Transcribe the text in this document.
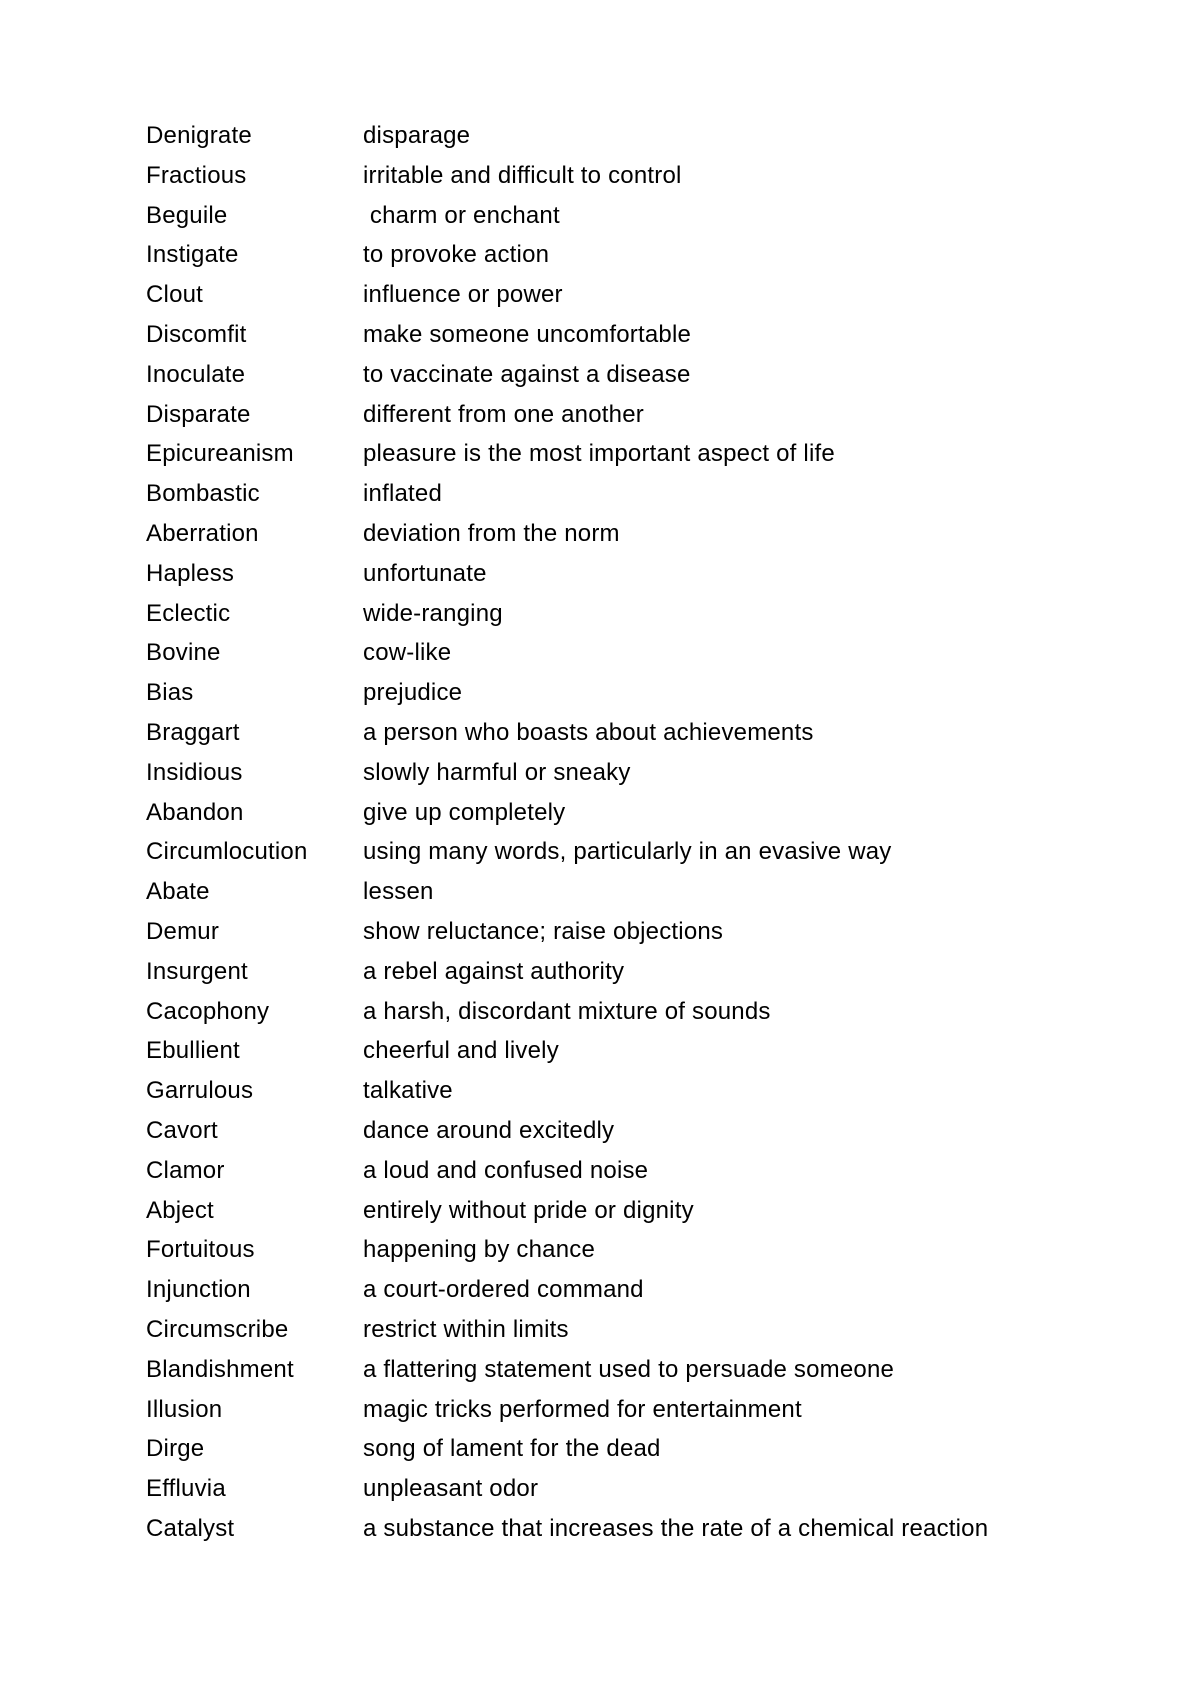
Denigrate	disparage
Fractious	irritable and difficult to control
Beguile	charm or enchant
Instigate	to provoke action
Clout	influence or power
Discomfit	make someone uncomfortable
Inoculate	to vaccinate against a disease
Disparate	different from one another
Epicureanism	pleasure is the most important aspect of life
Bombastic	inflated
Aberration	deviation from the norm
Hapless	unfortunate
Eclectic	wide-ranging
Bovine	cow-like
Bias	prejudice
Braggart	a person who boasts about achievements
Insidious	slowly harmful or sneaky
Abandon	give up completely
Circumlocution	using many words, particularly in an evasive way
Abate	lessen
Demur	show reluctance; raise objections
Insurgent	a rebel against authority
Cacophony	a harsh, discordant mixture of sounds
Ebullient	cheerful and lively
Garrulous	talkative
Cavort	dance around excitedly
Clamor	a loud and confused noise
Abject	entirely without pride or dignity
Fortuitous	happening by chance
Injunction	a court-ordered command
Circumscribe	restrict within limits
Blandishment	a flattering statement used to persuade someone
Illusion	magic tricks performed for entertainment
Dirge	song of lament for the dead
Effluvia	unpleasant odor
Catalyst	a substance that increases the rate of a chemical reaction
